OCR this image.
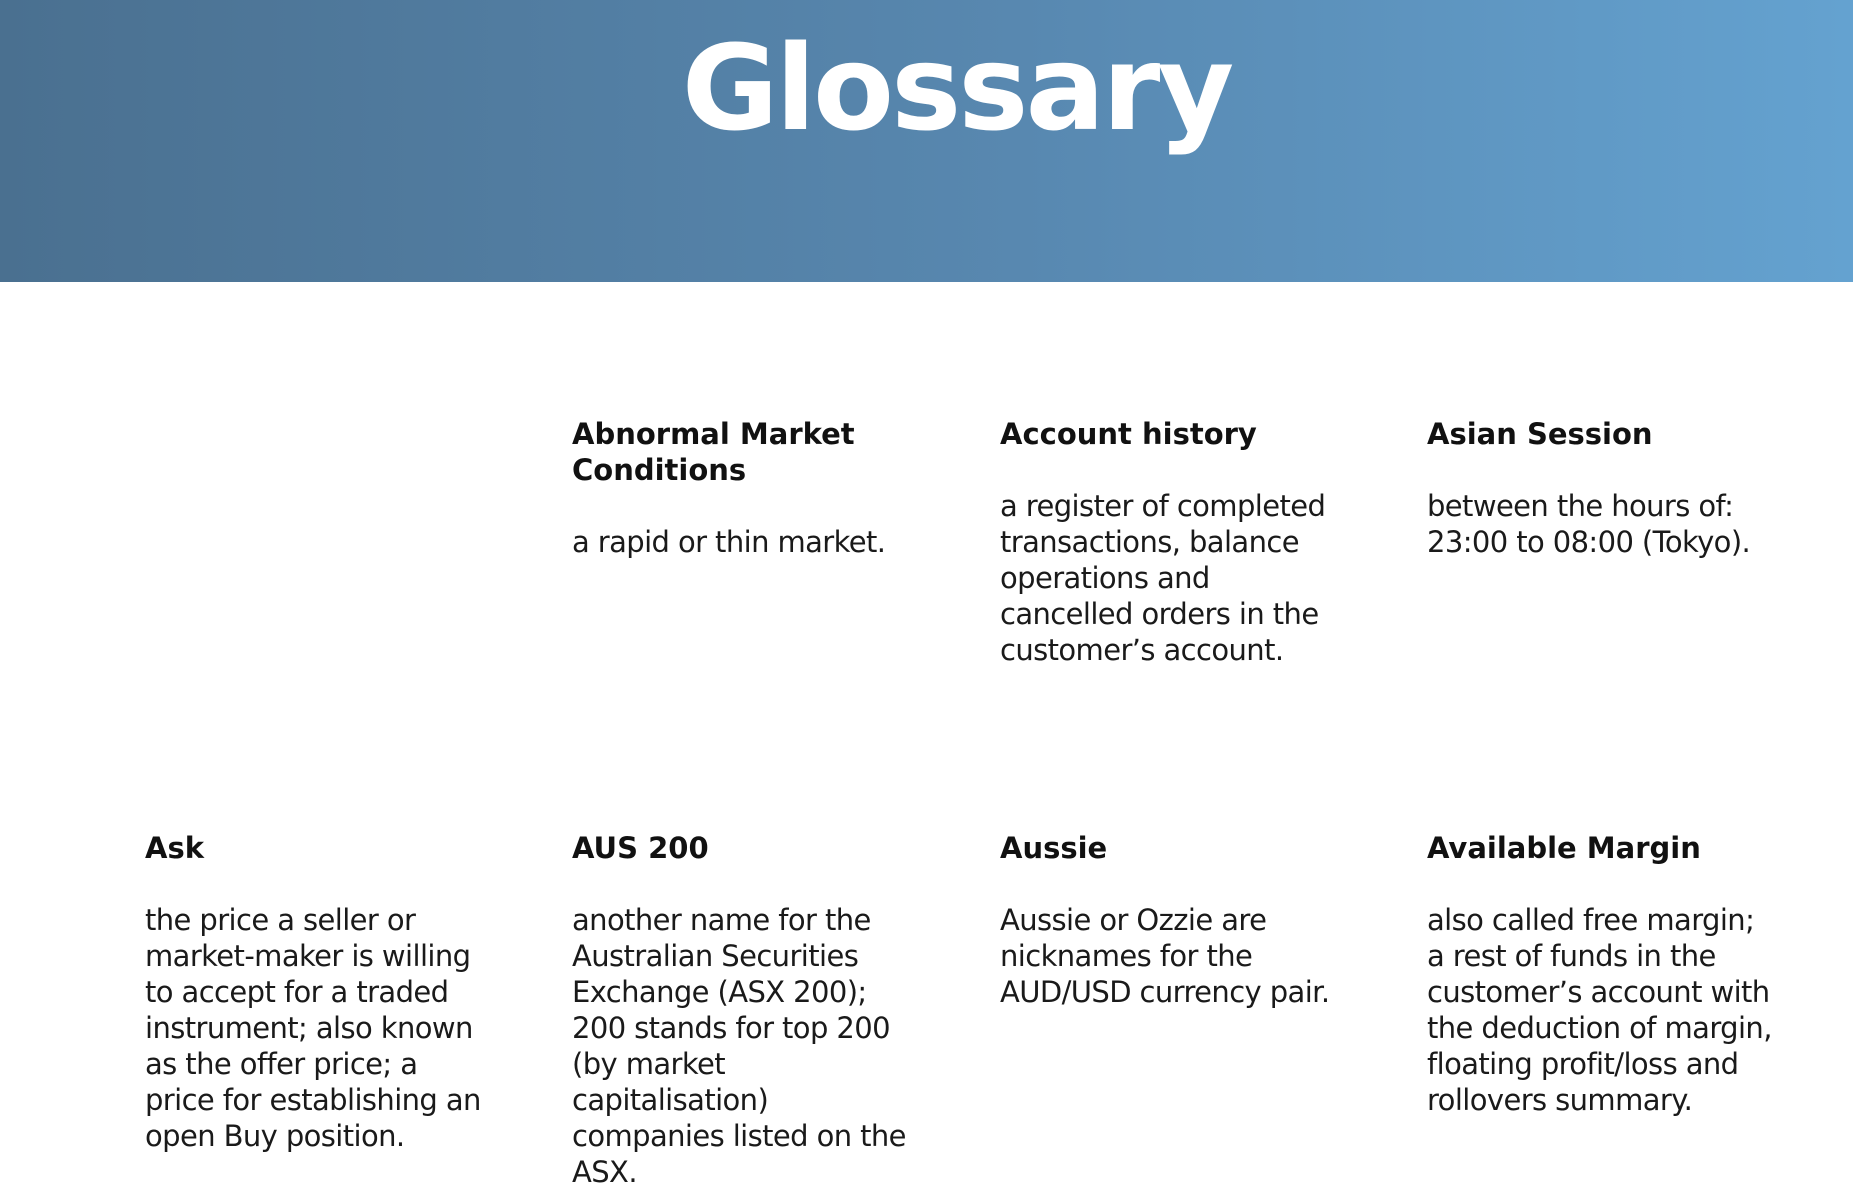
Glossary
Abnormal Market Conditions

a rapid or thin market.

Account history

a register of completed transactions, balance operations and cancelled orders in the customer’s account.

Asian Session

between the hours of: 23:00 to 08:00 (Tokyo).

Ask

the price a seller or market-maker is willing to accept for a traded instrument; also known as the offer price; a price for establishing an open Buy position.

AUS 200

another name for the Australian Securities Exchange (ASX 200); 200 stands for top 200 (by market capitalisation) companies listed on the ASX.

Aussie

Aussie or Ozzie are nicknames for the AUD/USD currency pair.

Available Margin

also called free margin; a rest of funds in the customer’s account with the deduction of margin, floating profit/loss and rollovers summary.
